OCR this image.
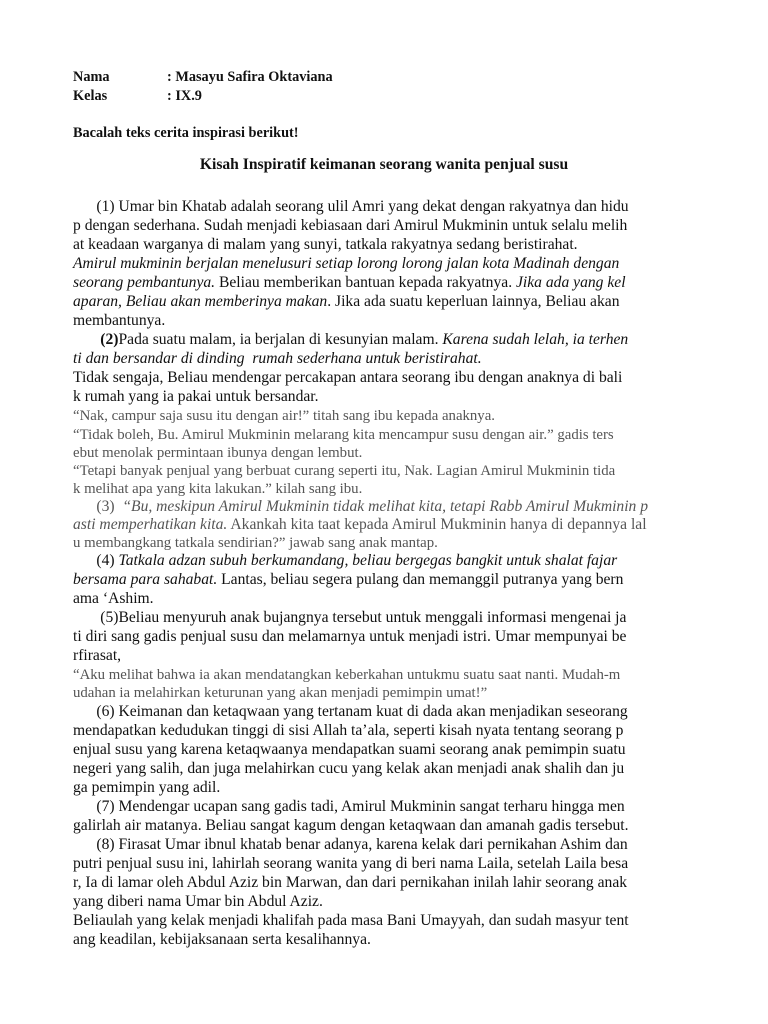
Nama	: Masayu Safira Oktaviana
Kelas	: IX.9
Bacalah teks cerita inspirasi berikut!
Kisah Inspiratif keimanan seorang wanita penjual susu
(1) Umar bin Khatab adalah seorang ulil Amri yang dekat dengan rakyatnya dan hidu
p dengan sederhana. Sudah menjadi kebiasaan dari Amirul Mukminin untuk selalu melih
at keadaan warganya di malam yang sunyi, tatkala rakyatnya sedang beristirahat.
Amirul mukminin berjalan menelusuri setiap lorong lorong jalan kota Madinah dengan
seorang pembantunya. Beliau memberikan bantuan kepada rakyatnya. Jika ada yang kel
aparan, Beliau akan memberinya makan. Jika ada suatu keperluan lainnya, Beliau akan
membantunya.
(2)Pada suatu malam, ia berjalan di kesunyian malam. Karena sudah lelah, ia terhen
ti dan bersandar di dinding  rumah sederhana untuk beristirahat.
Tidak sengaja, Beliau mendengar percakapan antara seorang ibu dengan anaknya di bali
k rumah yang ia pakai untuk bersandar.
“Nak, campur saja susu itu dengan air!” titah sang ibu kepada anaknya.
“Tidak boleh, Bu. Amirul Mukminin melarang kita mencampur susu dengan air.” gadis ters
ebut menolak permintaan ibunya dengan lembut.
“Tetapi banyak penjual yang berbuat curang seperti itu, Nak. Lagian Amirul Mukminin tida
k melihat apa yang kita lakukan.” kilah sang ibu.
(3)  “Bu, meskipun Amirul Mukminin tidak melihat kita, tetapi Rabb Amirul Mukminin p
asti memperhatikan kita. Akankah kita taat kepada Amirul Mukminin hanya di depannya lal
u membangkang tatkala sendirian?” jawab sang anak mantap.
(4) Tatkala adzan subuh berkumandang, beliau bergegas bangkit untuk shalat fajar
bersama para sahabat. Lantas, beliau segera pulang dan memanggil putranya yang bern
ama ‘Ashim.
(5)Beliau menyuruh anak bujangnya tersebut untuk menggali informasi mengenai ja
ti diri sang gadis penjual susu dan melamarnya untuk menjadi istri. Umar mempunyai be
rfirasat,
“Aku melihat bahwa ia akan mendatangkan keberkahan untukmu suatu saat nanti. Mudah-m
udahan ia melahirkan keturunan yang akan menjadi pemimpin umat!”
(6) Keimanan dan ketaqwaan yang tertanam kuat di dada akan menjadikan seseorang
mendapatkan kedudukan tinggi di sisi Allah ta’ala, seperti kisah nyata tentang seorang p
enjual susu yang karena ketaqwaanya mendapatkan suami seorang anak pemimpin suatu
negeri yang salih, dan juga melahirkan cucu yang kelak akan menjadi anak shalih dan ju
ga pemimpin yang adil.
(7) Mendengar ucapan sang gadis tadi, Amirul Mukminin sangat terharu hingga men
galirlah air matanya. Beliau sangat kagum dengan ketaqwaan dan amanah gadis tersebut.
(8) Firasat Umar ibnul khatab benar adanya, karena kelak dari pernikahan Ashim dan
putri penjual susu ini, lahirlah seorang wanita yang di beri nama Laila, setelah Laila besa
r, Ia di lamar oleh Abdul Aziz bin Marwan, dan dari pernikahan inilah lahir seorang anak
yang diberi nama Umar bin Abdul Aziz.
Beliaulah yang kelak menjadi khalifah pada masa Bani Umayyah, dan sudah masyur tent
ang keadilan, kebijaksanaan serta kesalihannya.
